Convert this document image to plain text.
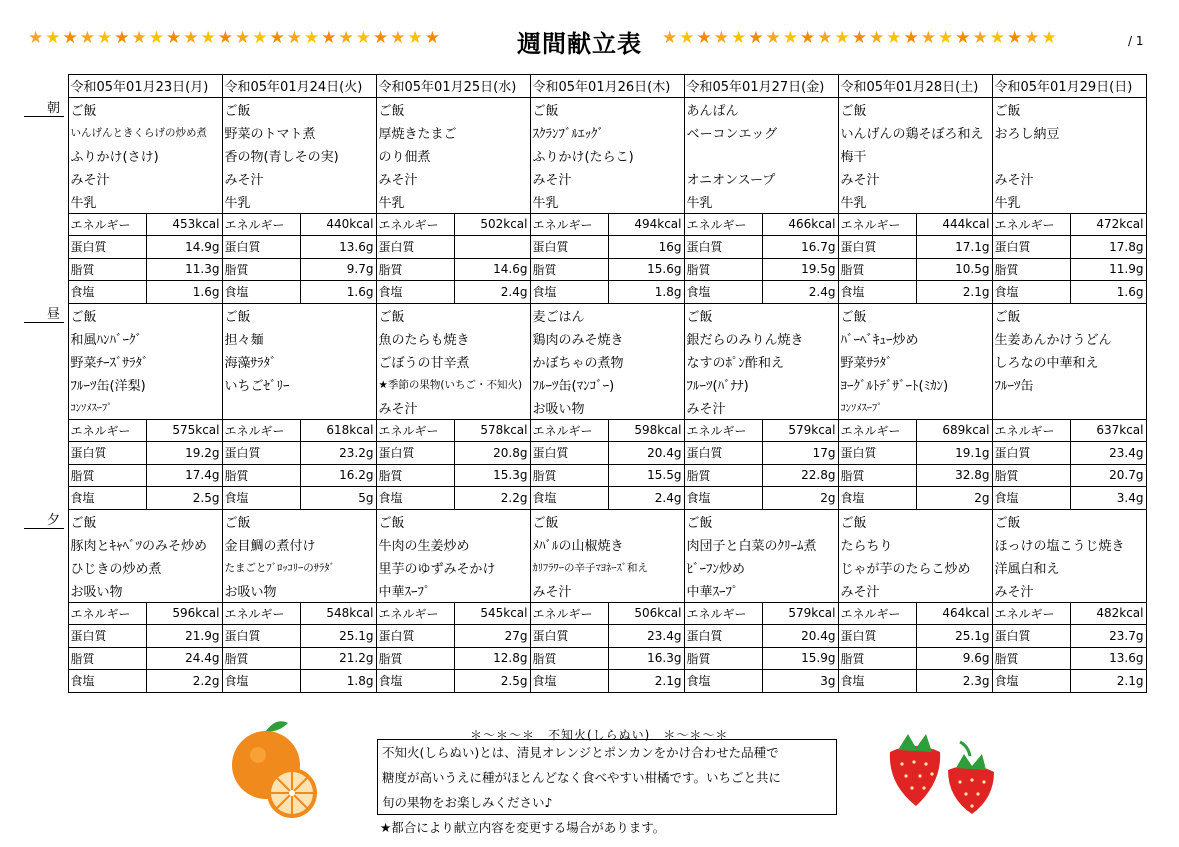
★★★★★★★★★★★★★★★★★★★★★★★★	週間献立表 ★★★★★★★★★★★★★★★★★★★★★★★	/ 1
	令和05年01月23日(月)		令和05年01月24日(火)		令和05年01月25日(水)		令和05年01月26日(木)		令和05年01月27日(金)		令和05年01月28日(土)		令和05年01月29日(日)	
朝	ご飯		ご飯		ご飯		ご飯		あんぱん		ご飯		ご飯	
	いんげんときくらげの炒め煮		野菜のトマト煮		厚焼きたまご		ｽｸﾗﾝﾌﾞﾙｴｯｸﾞ		ベーコンエッグ		いんげんの鶏そぼろ和え		おろし納豆	
	ふりかけ(さけ)		香の物(青しその実)		のり佃煮		ふりかけ(たらこ)				梅干			
	みそ汁		みそ汁		みそ汁		みそ汁		オニオンスープ		みそ汁		みそ汁	
	牛乳		牛乳		牛乳		牛乳		牛乳		牛乳		牛乳	
	エネルギー	453kcal	エネルギー	440kcal	エネルギー	502kcal	エネルギー	494kcal	エネルギー	466kcal	エネルギー	444kcal	エネルギー	472kcal
	蛋白質	14.9g	蛋白質	13.6g	蛋白質		蛋白質	16g	蛋白質	16.7g	蛋白質	17.1g	蛋白質	17.8g
	脂質	11.3g	脂質	9.7g	脂質	14.6g	脂質	15.6g	脂質	19.5g	脂質	10.5g	脂質	11.9g
	食塩	1.6g	食塩	1.6g	食塩	2.4g	食塩	1.8g	食塩	2.4g	食塩	2.1g	食塩	1.6g
昼	ご飯		ご飯		ご飯		麦ごはん		ご飯		ご飯		ご飯	
	和風ﾊﾝﾊﾞｰｸﾞ		担々麺		魚のたらも焼き		鶏肉のみそ焼き		銀だらのみりん焼き		ﾊﾞｰﾍﾞｷｭｰ炒め		生姜あんかけうどん	
	野菜ﾁｰｽﾞｻﾗﾀﾞ		海藻ｻﾗﾀﾞ		ごぼうの甘辛煮		かぼちゃの煮物		なすのﾎﾟﾝ酢和え		野菜ｻﾗﾀﾞ		しろなの中華和え	
	ﾌﾙｰﾂ缶(洋梨)		いちごｾﾞﾘｰ		★季節の果物(いちご・不知火)		ﾌﾙｰﾂ缶(ﾏﾝｺﾞｰ)		ﾌﾙｰﾂ(ﾊﾞﾅﾅ)		ﾖｰｸﾞﾙﾄﾃﾞｻﾞｰﾄ(ﾐｶﾝ)		ﾌﾙｰﾂ缶	
	ｺﾝｿﾒｽｰﾌﾟ				みそ汁		お吸い物		みそ汁		ｺﾝｿﾒｽｰﾌﾟ			
	エネルギー	575kcal	エネルギー	618kcal	エネルギー	578kcal	エネルギー	598kcal	エネルギー	579kcal	エネルギー	689kcal	エネルギー	637kcal
	蛋白質	19.2g	蛋白質	23.2g	蛋白質	20.8g	蛋白質	20.4g	蛋白質	17g	蛋白質	19.1g	蛋白質	23.4g
	脂質	17.4g	脂質	16.2g	脂質	15.3g	脂質	15.5g	脂質	22.8g	脂質	32.8g	脂質	20.7g
	食塩	2.5g	食塩	5g	食塩	2.2g	食塩	2.4g	食塩	2g	食塩	2g	食塩	3.4g
夕	ご飯		ご飯		ご飯		ご飯		ご飯		ご飯		ご飯	
	豚肉とｷｬﾍﾞﾂのみそ炒め		金目鯛の煮付け		牛肉の生姜炒め		ﾒﾊﾞﾙの山椒焼き		肉団子と白菜のｸﾘｰﾑ煮		たらちり		ほっけの塩こうじ焼き	
	ひじきの炒め煮		たまごとﾌﾞﾛｯｺﾘｰのｻﾗﾀﾞ		里芋のゆずみそかけ		ｶﾘﾌﾗﾜｰの辛子ﾏﾖﾈｰｽﾞ和え		ﾋﾞｰﾌﾝ炒め		じゃが芋のたらこ炒め		洋風白和え	
	お吸い物		お吸い物		中華ｽｰﾌﾟ		みそ汁		中華ｽｰﾌﾟ		みそ汁		みそ汁	
	エネルギー	596kcal	エネルギー	548kcal	エネルギー	545kcal	エネルギー	506kcal	エネルギー	579kcal	エネルギー	464kcal	エネルギー	482kcal
	蛋白質	21.9g	蛋白質	25.1g	蛋白質	27g	蛋白質	23.4g	蛋白質	20.4g	蛋白質	25.1g	蛋白質	23.7g
	脂質	24.4g	脂質	21.2g	脂質	12.8g	脂質	16.3g	脂質	15.9g	脂質	9.6g	脂質	13.6g
	食塩	2.2g	食塩	1.8g	食塩	2.5g	食塩	2.1g	食塩	3g	食塩	2.3g	食塩	2.1g
＊～＊～＊　不知火(しらぬい)　＊～＊～＊
不知火(しらぬい)とは、清見オレンジとポンカンをかけ合わせた品種で
糖度が高いうえに種がほとんどなく食べやすい柑橘です。いちごと共に
旬の果物をお楽しみください♪
★都合により献立内容を変更する場合があります。
